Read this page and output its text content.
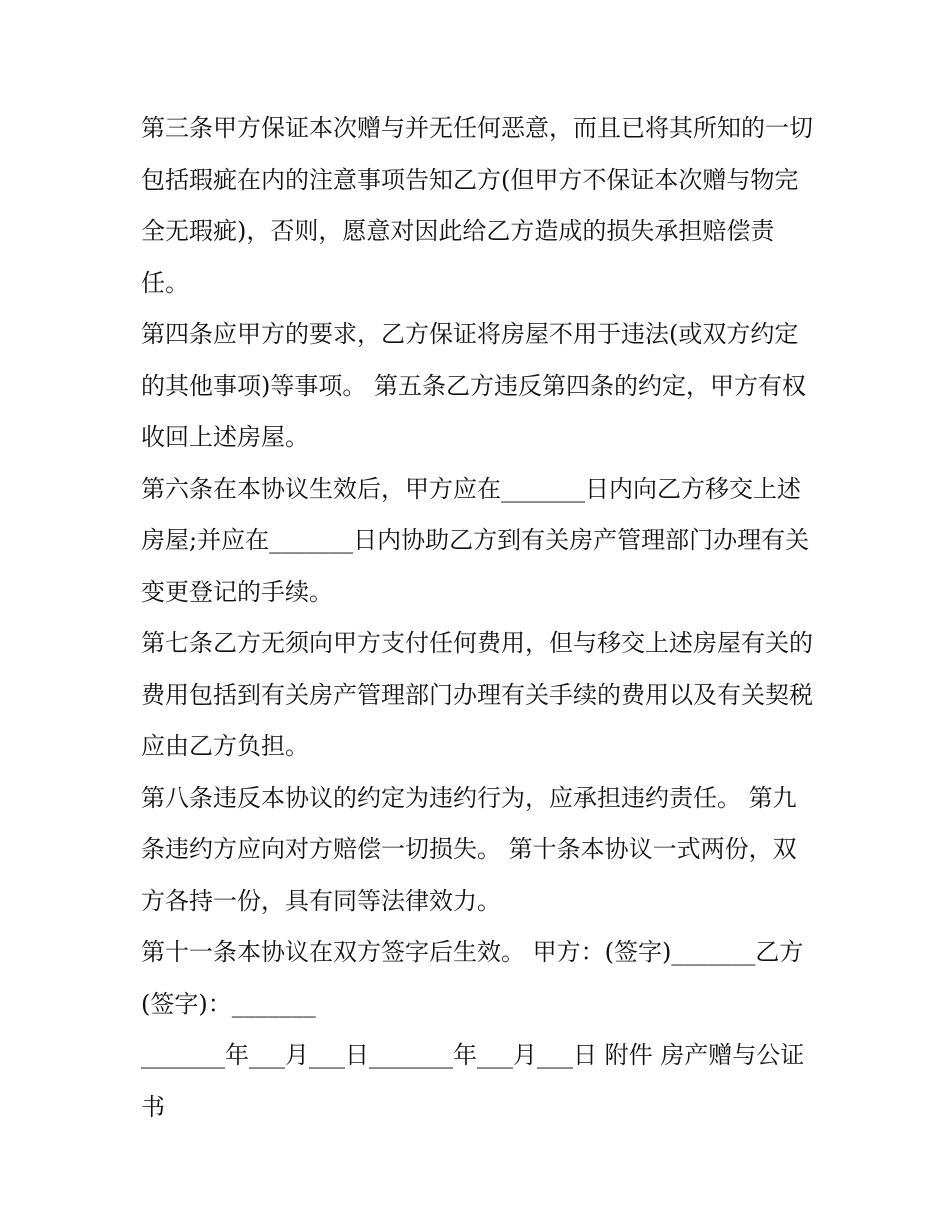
第三条甲方保证本次赠与并无任何恶意，而且已将其所知的一切包括瑕疵在内的注意事项告知乙方(但甲方不保证本次赠与物完全无瑕疵)，否则，愿意对因此给乙方造成的损失承担赔偿责任。

第四条应甲方的要求，乙方保证将房屋不用于违法(或双方约定的其他事项)等事项。 第五条乙方违反第四条的约定，甲方有权收回上述房屋。

第六条在本协议生效后，甲方应在_______日内向乙方移交上述房屋;并应在_______日内协助乙方到有关房产管理部门办理有关变更登记的手续。

第七条乙方无须向甲方支付任何费用，但与移交上述房屋有关的费用包括到有关房产管理部门办理有关手续的费用以及有关契税应由乙方负担。

第八条违反本协议的约定为违约行为，应承担违约责任。 第九条违约方应向对方赔偿一切损失。 第十条本协议一式两份，双方各持一份，具有同等法律效力。

第十一条本协议在双方签字后生效。 甲方：(签字)_______乙方(签字)：_______

_______年___月___日_______年___月___日 附件 房产赠与公证书
